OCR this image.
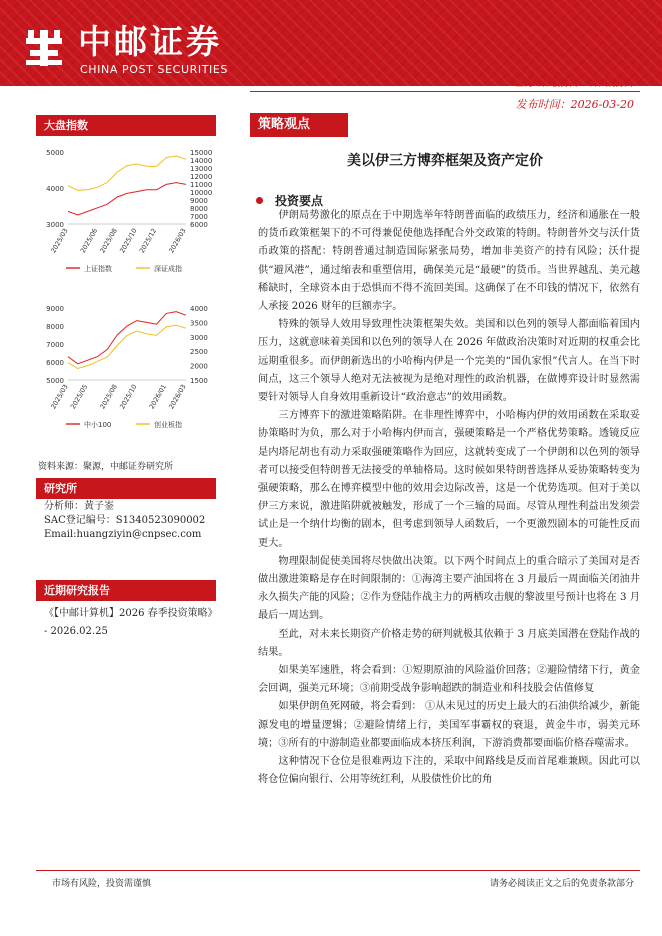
中邮证券
CHINA POST SECURITIES
证券研究报告：策略报告
发布时间：2026-03-20
大盘指数
5000
4000
3000
15000
14000
13000
12000
11000
10000
9000
8000
7000
6000
2025/03 2025/06 2025/08 2025/10 2025/12 2026/03
上证指数	深证成指
9000
8000
7000
6000
5000
4000
3500
3000
2500
2000
1500
2025/03 2025/05 2025/08 2025/10 2026/01 2026/03
中小100	创业板指
资料来源：聚源，中邮证券研究所
研究所
分析师：黄子崟
SAC登记编号：S1340523090002
Email:huangziyin@cnpsec.com
近期研究报告
《【中邮计算机】2026 春季投资策略》
- 2026.02.25
策略观点
美以伊三方博弈框架及资产定价
投资要点

伊朗局势激化的原点在于中期选举年特朗普面临的政绩压力，经济和通胀在一般的货币政策框架下的不可得兼促使他选择配合外交政策的特朗。特朗普外交与沃什货币政策的搭配：特朗普通过制造国际紧张局势，增加非美资产的持有风险；沃什提供“避风港”，通过缩表和重塑信用，确保美元是“最硬”的货币。当世界越乱、美元越稀缺时，全球资本由于恐惧而不得不流回美国。这确保了在不印钱的情况下，依然有人承接 2026 财年的巨额赤字。

特殊的领导人效用导致理性决策框架失效。美国和以色列的领导人都面临着国内压力，这就意味着美国和以色列的领导人在 2026 年做政治决策时对近期的权重会比远期重很多。而伊朗新选出的小哈梅内伊是一个完美的“国仇家恨”代言人。在当下时间点，这三个领导人绝对无法被视为是绝对理性的政治机器，在做博弈设计时显然需要针对领导人自身效用重新设计“政治意志”的效用函数。

三方博弈下的激进策略陷阱。在非理性博弈中，小哈梅内伊的效用函数在采取妥协策略时为负，那么对于小哈梅内伊而言，强硬策略是一个严格优势策略。透镜反应是内塔尼胡也有动力采取强硬策略作为回应，这就转变成了一个伊朗和以色列的领导者可以接受但特朗普无法接受的单轴格局。这时候如果特朗普选择从妥协策略转变为强硬策略，那么在博弈模型中他的效用会边际改善，这是一个优势选项。但对于美以伊三方来说，激进陷阱就被触发，形成了一个三输的局面。尽管从理性利益出发须尝试止是一个纳什均衡的剧本，但考虑到领导人函数后，一个更激烈剧本的可能性反而更大。

物理限制促使美国将尽快做出决策。以下两个时间点上的重合暗示了美国对是否做出激进策略是存在时间限制的：①海湾主要产油国将在 3 月最后一周面临关闭油井永久损失产能的风险；②作为登陆作战主力的两栖攻击舰的黎波里号预计也将在 3 月最后一周达到。

至此，对未来长期资产价格走势的研判就极其依赖于 3 月底美国潜在登陆作战的结果。

如果美军速胜，将会看到：①短期原油的风险溢价回落；②避险情绪下行，黄金会回调，强美元环境；③前期受战争影响超跌的制造业和科技股会估值修复

如果伊朗鱼死网破，将会看到： ①从未见过的历史上最大的石油供给减少，新能源发电的增量逻辑；②避险情绪上行，美国军事霸权的衰退，黄金牛市，弱美元环境；③所有的中游制造业都要面临成本挤压利润，下游消费都要面临价格吞噬需求。

这种情况下仓位是很难两边下注的，采取中间路线是反而首尾难兼顾。因此可以将仓位偏向银行、公用等统红利，从股债性价比的角

市场有风险，投资需谨慎	请务必阅读正文之后的免责条款部分
